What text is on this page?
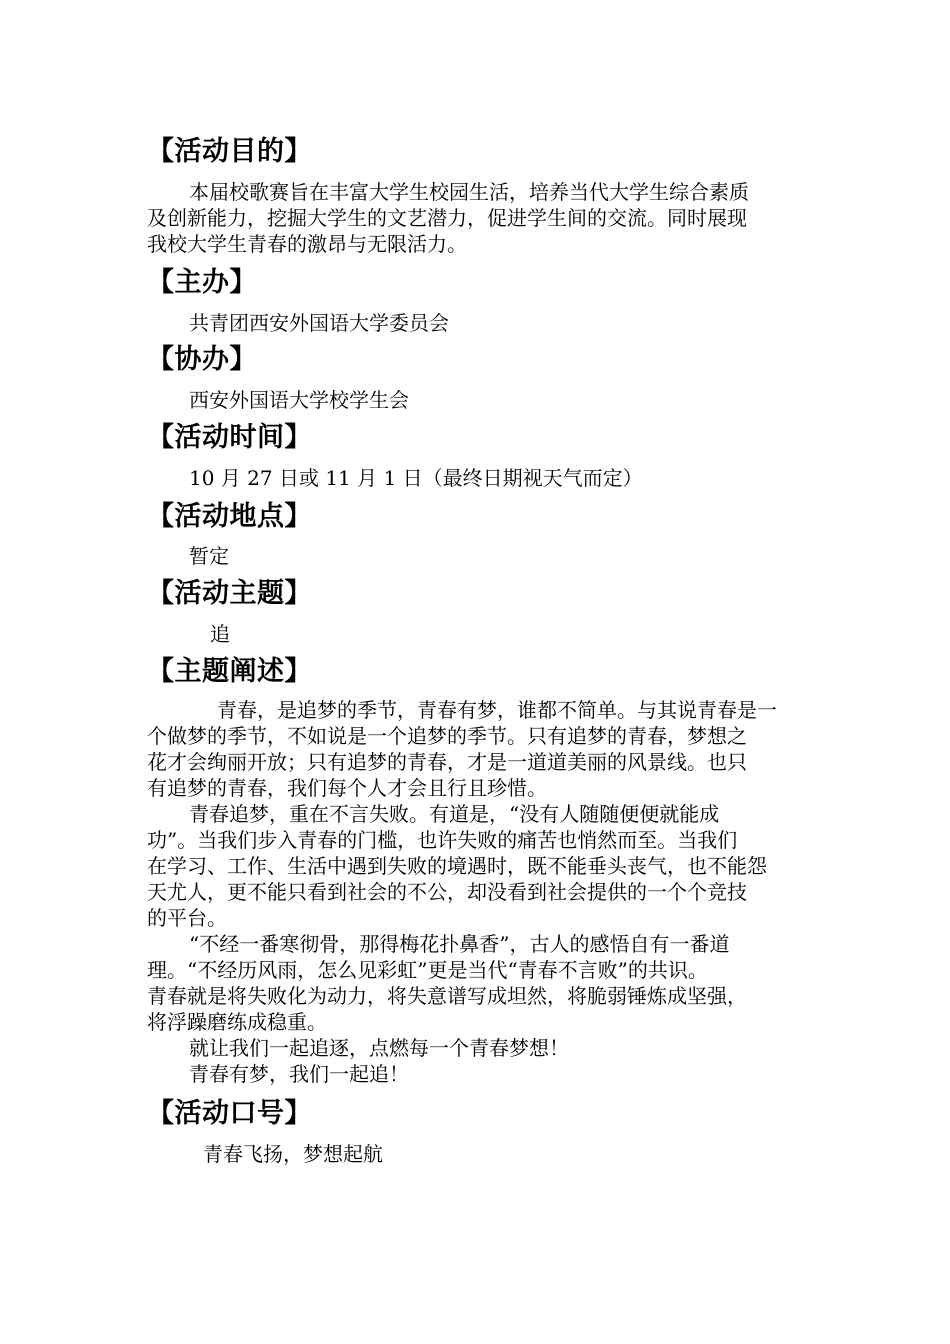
【活动目的】
本届校歌赛旨在丰富大学生校园生活，培养当代大学生综合素质
及创新能力，挖掘大学生的文艺潜力，促进学生间的交流。同时展现
我校大学生青春的激昂与无限活力。
【主办】
共青团西安外国语大学委员会
【协办】
西安外国语大学校学生会
【活动时间】
10 月 27 日或 11 月 1 日（最终日期视天气而定）
【活动地点】
暂定
【活动主题】
追
【主题阐述】
青春，是追梦的季节，青春有梦，谁都不简单。与其说青春是一
个做梦的季节，不如说是一个追梦的季节。只有追梦的青春，梦想之
花才会绚丽开放；只有追梦的青春，才是一道道美丽的风景线。也只
有追梦的青春，我们每个人才会且行且珍惜。
青春追梦，重在不言失败。有道是，“没有人随随便便就能成
功”。当我们步入青春的门槛，也许失败的痛苦也悄然而至。当我们
在学习、工作、生活中遇到失败的境遇时，既不能垂头丧气，也不能怨
天尤人，更不能只看到社会的不公，却没看到社会提供的一个个竞技
的平台。
“不经一番寒彻骨，那得梅花扑鼻香”，古人的感悟自有一番道
理。“不经历风雨，怎么见彩虹”更是当代“青春不言败”的共识。
青春就是将失败化为动力，将失意谱写成坦然，将脆弱锤炼成坚强，
将浮躁磨练成稳重。
就让我们一起追逐，点燃每一个青春梦想！
青春有梦，我们一起追！
【活动口号】
青春飞扬，梦想起航
